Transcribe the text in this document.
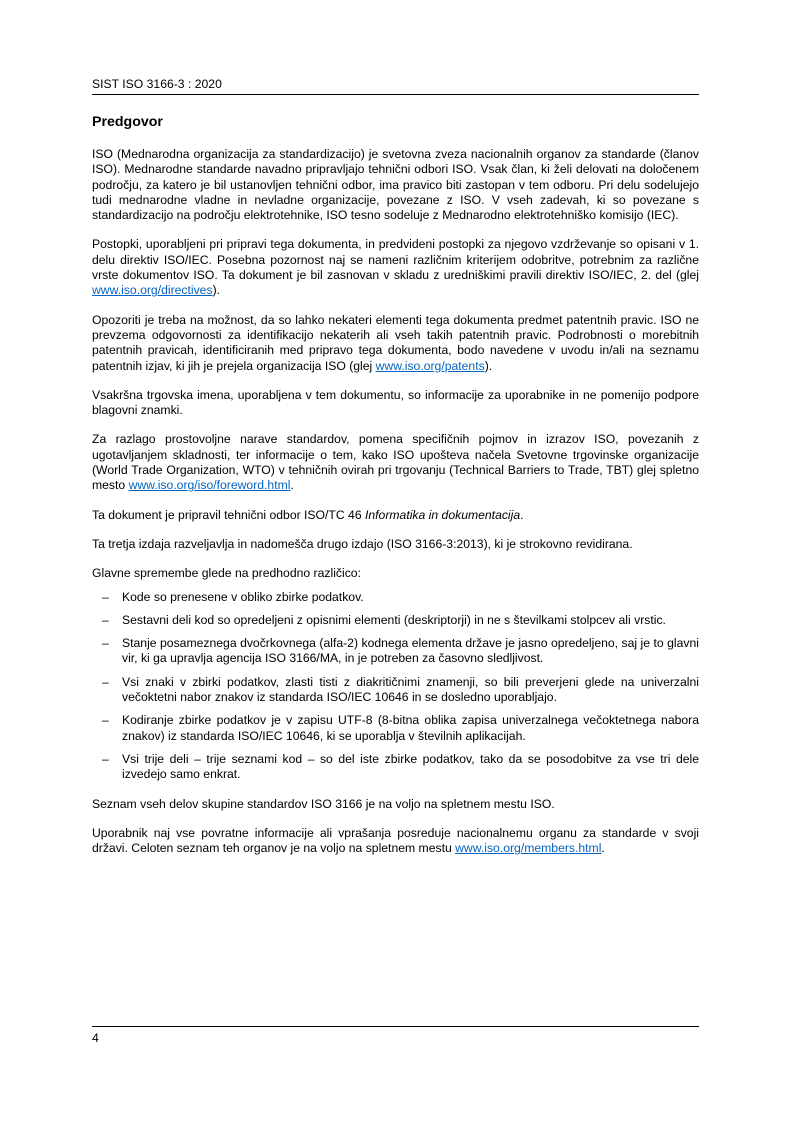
SIST ISO 3166-3 : 2020
Predgovor

ISO (Mednarodna organizacija za standardizacijo) je svetovna zveza nacionalnih organov za standarde (članov ISO). Mednarodne standarde navadno pripravljajo tehnični odbori ISO. Vsak član, ki želi delovati na določenem področju, za katero je bil ustanovljen tehnični odbor, ima pravico biti zastopan v tem odboru. Pri delu sodelujejo tudi mednarodne vladne in nevladne organizacije, povezane z ISO. V vseh zadevah, ki so povezane s standardizacijo na področju elektrotehnike, ISO tesno sodeluje z Mednarodno elektrotehniško komisijo (IEC).

Postopki, uporabljeni pri pripravi tega dokumenta, in predvideni postopki za njegovo vzdrževanje so opisani v 1. delu direktiv ISO/IEC. Posebna pozornost naj se nameni različnim kriterijem odobritve, potrebnim za različne vrste dokumentov ISO. Ta dokument je bil zasnovan v skladu z uredniškimi pravili direktiv ISO/IEC, 2. del (glej www.iso.org/directives).

Opozoriti je treba na možnost, da so lahko nekateri elementi tega dokumenta predmet patentnih pravic. ISO ne prevzema odgovornosti za identifikacijo nekaterih ali vseh takih patentnih pravic. Podrobnosti o morebitnih patentnih pravicah, identificiranih med pripravo tega dokumenta, bodo navedene v uvodu in/ali na seznamu patentnih izjav, ki jih je prejela organizacija ISO (glej www.iso.org/patents).

Vsakršna trgovska imena, uporabljena v tem dokumentu, so informacije za uporabnike in ne pomenijo podpore blagovni znamki.

Za razlago prostovoljne narave standardov, pomena specifičnih pojmov in izrazov ISO, povezanih z ugotavljanjem skladnosti, ter informacije o tem, kako ISO upošteva načela Svetovne trgovinske organizacije (World Trade Organization, WTO) v tehničnih ovirah pri trgovanju (Technical Barriers to Trade, TBT) glej spletno mesto www.iso.org/iso/foreword.html.

Ta dokument je pripravil tehnični odbor ISO/TC 46 Informatika in dokumentacija.

Ta tretja izdaja razveljavlja in nadomešča drugo izdajo (ISO 3166-3:2013), ki je strokovno revidirana.

Glavne spremembe glede na predhodno različico:

– Kode so prenesene v obliko zbirke podatkov.
– Sestavni deli kod so opredeljeni z opisnimi elementi (deskriptorji) in ne s številkami stolpcev ali vrstic.
– Stanje posameznega dvočrkovnega (alfa-2) kodnega elementa države je jasno opredeljeno, saj je to glavni vir, ki ga upravlja agencija ISO 3166/MA, in je potreben za časovno sledljivost.
– Vsi znaki v zbirki podatkov, zlasti tisti z diakritičnimi znamenji, so bili preverjeni glede na univerzalni večoktetni nabor znakov iz standarda ISO/IEC 10646 in se dosledno uporabljajo.
– Kodiranje zbirke podatkov je v zapisu UTF-8 (8-bitna oblika zapisa univerzalnega večoktetnega nabora znakov) iz standarda ISO/IEC 10646, ki se uporablja v številnih aplikacijah.
– Vsi trije deli – trije seznami kod – so del iste zbirke podatkov, tako da se posodobitve za vse tri dele izvedejo samo enkrat.

Seznam vseh delov skupine standardov ISO 3166 je na voljo na spletnem mestu ISO.

Uporabnik naj vse povratne informacije ali vprašanja posreduje nacionalnemu organu za standarde v svoji državi. Celoten seznam teh organov je na voljo na spletnem mestu www.iso.org/members.html.

4
